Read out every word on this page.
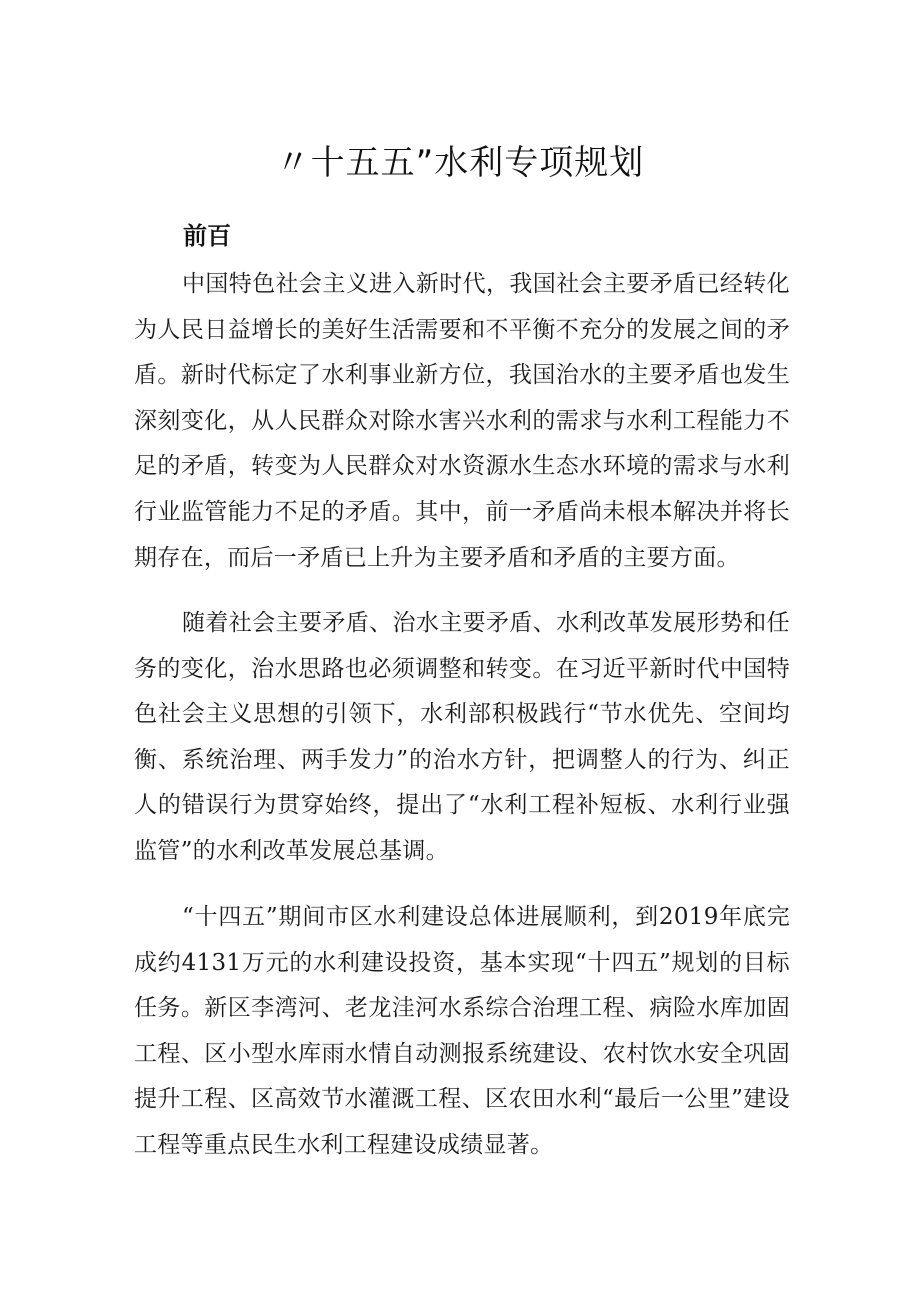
〃十五五”水利专项规划
前百

中国特色社会主义进入新时代，我国社会主要矛盾已经转化为人民日益增长的美好生活需要和不平衡不充分的发展之间的矛盾。新时代标定了水利事业新方位，我国治水的主要矛盾也发生深刻变化，从人民群众对除水害兴水利的需求与水利工程能力不足的矛盾，转变为人民群众对水资源水生态水环境的需求与水利行业监管能力不足的矛盾。其中，前一矛盾尚未根本解决并将长期存在，而后一矛盾已上升为主要矛盾和矛盾的主要方面。

随着社会主要矛盾、治水主要矛盾、水利改革发展形势和任务的变化，治水思路也必须调整和转变。在习近平新时代中国特色社会主义思想的引领下，水利部积极践行“节水优先、空间均衡、系统治理、两手发力”的治水方针，把调整人的行为、纠正人的错误行为贯穿始终，提出了“水利工程补短板、水利行业强监管”的水利改革发展总基调。

“十四五”期间市区水利建设总体进展顺利，到2019年底完成约4131万元的水利建设投资，基本实现“十四五”规划的目标任务。新区李湾河、老龙洼河水系综合治理工程、病险水库加固工程、区小型水库雨水情自动测报系统建设、农村饮水安全巩固提升工程、区高效节水灌溉工程、区农田水利“最后一公里”建设工程等重点民生水利工程建设成绩显著。
